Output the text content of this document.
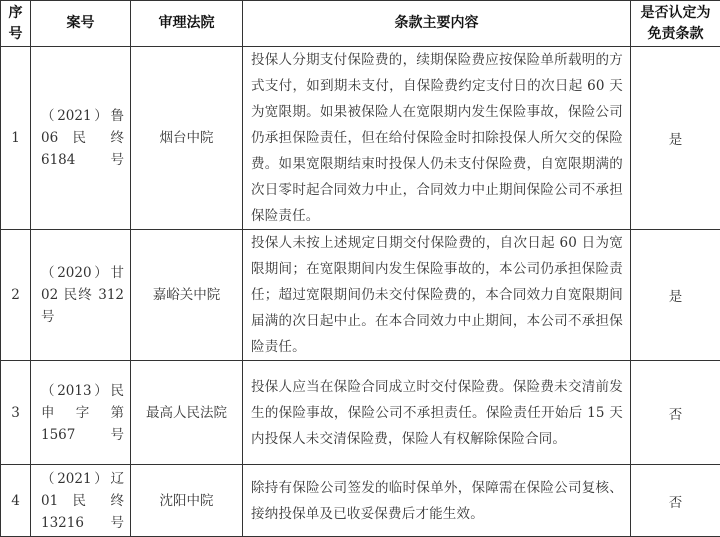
序号	案号	审理法院	条款主要内容	是否认定为免责条款
1	（2021）鲁06 民 终6184 号	烟台中院	投保人分期支付保险费的，续期保险费应按保险单所载明的方式支付，如到期未支付，自保险费约定支付日的次日起 60 天为宽限期。如果被保险人在宽限期内发生保险事故，保险公司仍承担保险责任，但在给付保险金时扣除投保人所欠交的保险费。如果宽限期结束时投保人仍未支付保险费，自宽限期满的次日零时起合同效力中止，合同效力中止期间保险公司不承担保险责任。	是
2	（2020）甘02 民终 312号	嘉峪关中院	投保人未按上述规定日期交付保险费的，自次日起 60 日为宽限期间；在宽限期间内发生保险事故的，本公司仍承担保险责任；超过宽限期间仍未交付保险费的，本合同效力自宽限期间届满的次日起中止。在本合同效力中止期间，本公司不承担保险责任。	是
3	（2013）民申 字 第1567 号	最高人民法院	投保人应当在保险合同成立时交付保险费。保险费未交清前发生的保险事故，保险公司不承担责任。保险责任开始后 15 天内投保人未交清保险费，保险人有权解除保险合同。	否
4	（2021）辽01 民 终13216 号	沈阳中院	除持有保险公司签发的临时保单外，保障需在保险公司复核、接纳投保单及已收妥保费后才能生效。	否
